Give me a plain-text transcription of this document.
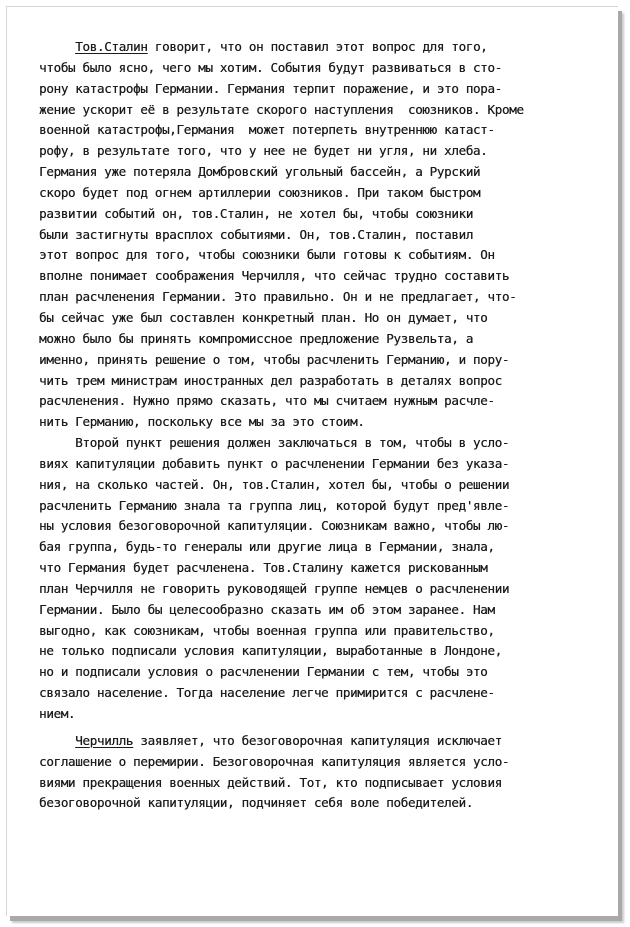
Тов.Сталин говорит, что он поставил этот вопрос для того,
чтобы было ясно, чего мы хотим. События будут развиваться в сто-
рону катастрофы Германии. Германия терпит поражение, и это пора-
жение ускорит её в результате скорого наступления  союзников. Кроме
военной катастрофы,Германия  может потерпеть внутреннюю катаст-
рофу, в результате того, что у нее не будет ни угля, ни хлеба.
Германия уже потеряла Домбровский угольный бассейн, а Рурский
скоро будет под огнем артиллерии союзников. При таком быстром
развитии событий он, тов.Сталин, не хотел бы, чтобы союзники
были застигнуты врасплох событиями. Он, тов.Сталин, поставил
этот вопрос для того, чтобы союзники были готовы к событиям. Он
вполне понимает соображения Черчилля, что сейчас трудно составить
план расчленения Германии. Это правильно. Он и не предлагает, что-
бы сейчас уже был составлен конкретный план. Но он думает, что
можно было бы принять компромиссное предложение Рузвельта, а
именно, принять решение о том, чтобы расчленить Германию, и пору-
чить трем министрам иностранных дел разработать в деталях вопрос
расчленения. Нужно прямо сказать, что мы считаем нужным расчле-
нить Германию, поскольку все мы за это стоим.
Второй пункт решения должен заключаться в том, чтобы в усло-
виях капитуляции добавить пункт о расчленении Германии без указа-
ния, на сколько частей. Он, тов.Сталин, хотел бы, чтобы о решении
расчленить Германию знала та группа лиц, которой будут пред'явле-
ны условия безоговорочной капитуляции. Союзникам важно, чтобы лю-
бая группа, будь-то генералы или другие лица в Германии, знала,
что Германия будет расчленена. Тов.Сталину кажется рискованным
план Черчилля не говорить руководящей группе немцев о расчленении
Германии. Было бы целесообразно сказать им об этом заранее. Нам
выгодно, как союзникам, чтобы военная группа или правительство,
не только подписали условия капитуляции, выработанные в Лондоне,
но и подписали условия о расчленении Германии с тем, чтобы это
связало население. Тогда население легче примирится с расчлене-
нием.
Черчилль заявляет, что безоговорочная капитуляция исключает
соглашение о перемирии. Безоговорочная капитуляция является усло-
виями прекращения военных действий. Тот, кто подписывает условия
безоговорочной капитуляции, подчиняет себя воле победителей.
